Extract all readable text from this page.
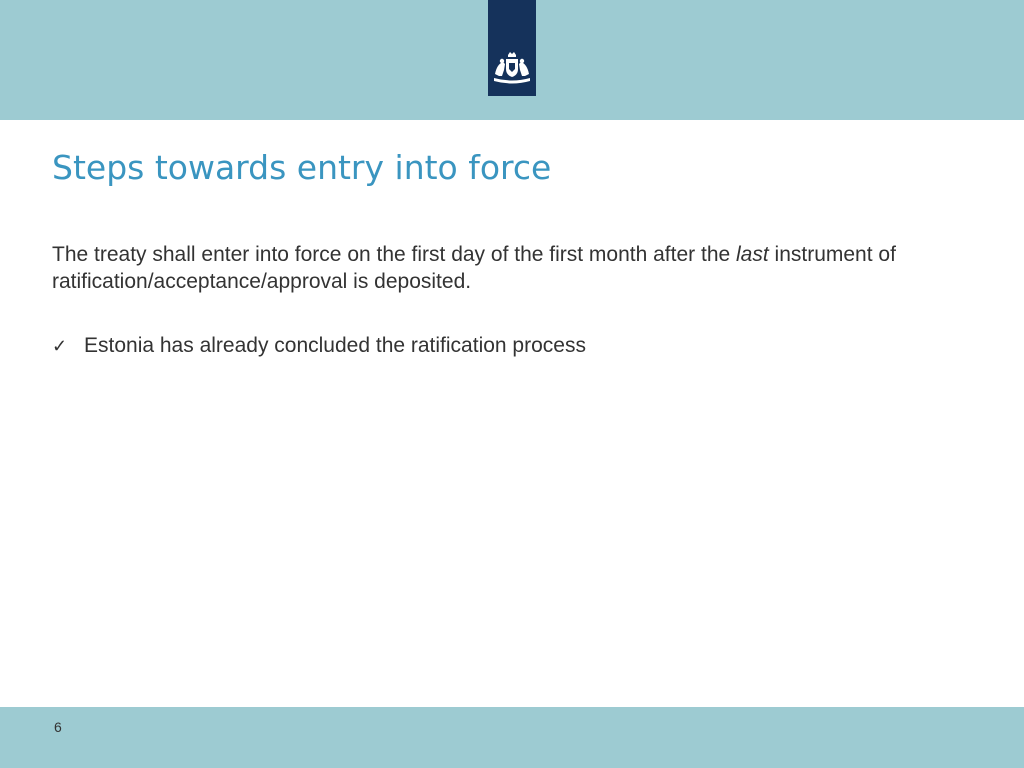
Steps towards entry into force

The treaty shall enter into force on the first day of the first month after the last instrument of ratification/acceptance/approval is deposited.

✓ Estonia has already concluded the ratification process
6
